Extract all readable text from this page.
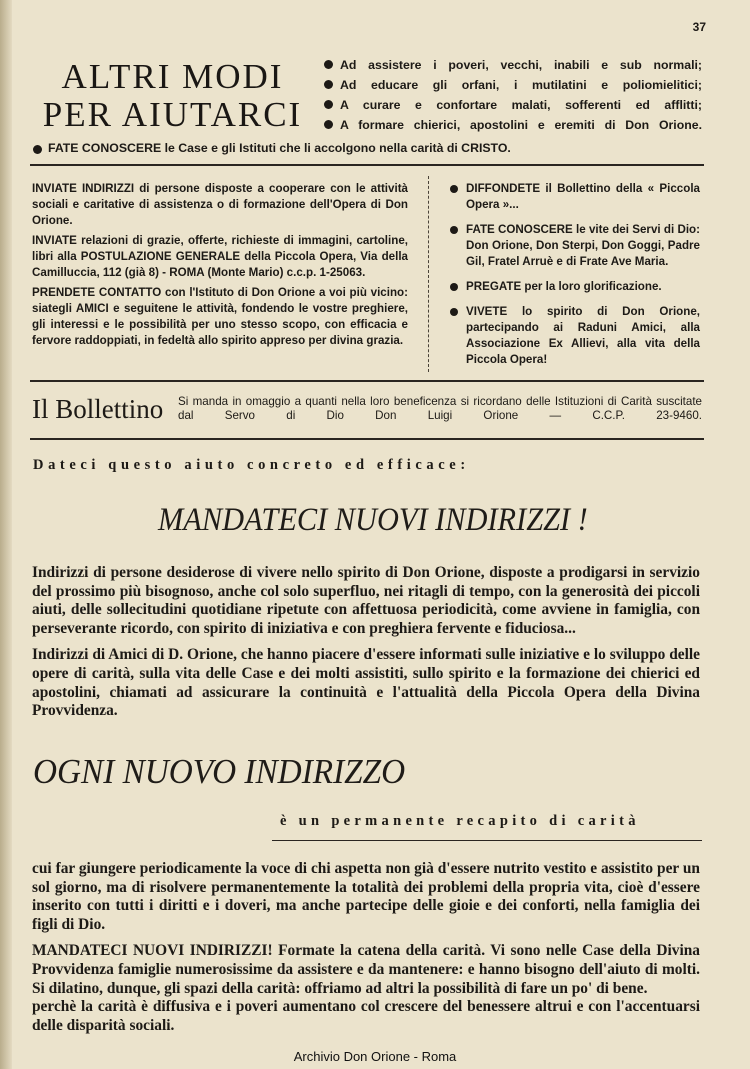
37
ALTRI MODI
PER AIUTARCI
Ad assistere i poveri, vecchi, inabili e sub normali;
Ad educare gli orfani, i mutilatini e poliomielitici;
A curare e confortare malati, sofferenti ed afflitti;
A formare chierici, apostolini e eremiti di Don Orione.
FATE CONOSCERE le Case e gli Istituti che li accolgono nella carità di CRISTO.

INVIATE INDIRIZZI di persone disposte a cooperare con le attività sociali e caritative di assistenza o di formazione dell'Opera di Don Orione.

INVIATE relazioni di grazie, offerte, richieste di immagini, cartoline, libri alla POSTULAZIONE GENERALE della Piccola Opera, Via della Camilluccia, 112 (già 8) - ROMA (Monte Mario) c.c.p. 1-25063.

PRENDETE CONTATTO con l'Istituto di Don Orione a voi più vicino: siategli AMICI e seguitene le attività, fondendo le vostre preghiere, gli interessi e le possibilità per uno stesso scopo, con efficacia e fervore raddoppiati, in fedeltà allo spirito appreso per divina grazia.

DIFFONDETE il Bollettino della « Piccola Opera »...
FATE CONOSCERE le vite dei Servi di Dio: Don Orione, Don Sterpi, Don Goggi, Padre Gil, Fratel Arruè e di Frate Ave Maria.
PREGATE per la loro glorificazione.
VIVETE lo spirito di Don Orione, partecipando ai Raduni Amici, alla Associazione Ex Allievi, alla vita della Piccola Opera!
Il Bollettino Si manda in omaggio a quanti nella loro beneficenza si ricordano delle Istituzioni di Carità suscitate dal Servo di Dio Don Luigi Orione — C.C.P. 23-9460.
Dateci questo aiuto concreto ed efficace:
MANDATECI NUOVI INDIRIZZI !

Indirizzi di persone desiderose di vivere nello spirito di Don Orione, disposte a prodigarsi in servizio del prossimo più bisognoso, anche col solo superfluo, nei ritagli di tempo, con la generosità dei piccoli aiuti, delle sollecitudini quotidiane ripetute con affettuosa periodicità, come avviene in famiglia, con perseverante ricordo, con spirito di iniziativa e con preghiera fervente e fiduciosa...

Indirizzi di Amici di D. Orione, che hanno piacere d'essere informati sulle iniziative e lo sviluppo delle opere di carità, sulla vita delle Case e dei molti assistiti, sullo spirito e la formazione dei chierici ed apostolini, chiamati ad assicurare la continuità e l'attualità della Piccola Opera della Divina Provvidenza.

OGNI NUOVO INDIRIZZO
è un permanente recapito di carità

cui far giungere periodicamente la voce di chi aspetta non già d'essere nutrito vestito e assistito per un sol giorno, ma di risolvere permanentemente la totalità dei problemi della propria vita, cioè d'essere inserito con tutti i diritti e i doveri, ma anche partecipe delle gioie e dei conforti, nella famiglia dei figli di Dio.

MANDATECI NUOVI INDIRIZZI! Formate la catena della carità. Vi sono nelle Case della Divina Provvidenza famiglie numerosissime da assistere e da mantenere: e hanno bisogno dell'aiuto di molti. Si dilatino, dunque, gli spazi della carità: offriamo ad altri la possibilità di fare un po' di bene.

perchè la carità è diffusiva e i poveri aumentano col crescere del benessere altrui e con l'accentuarsi delle disparità sociali.

Archivio Don Orione - Roma
